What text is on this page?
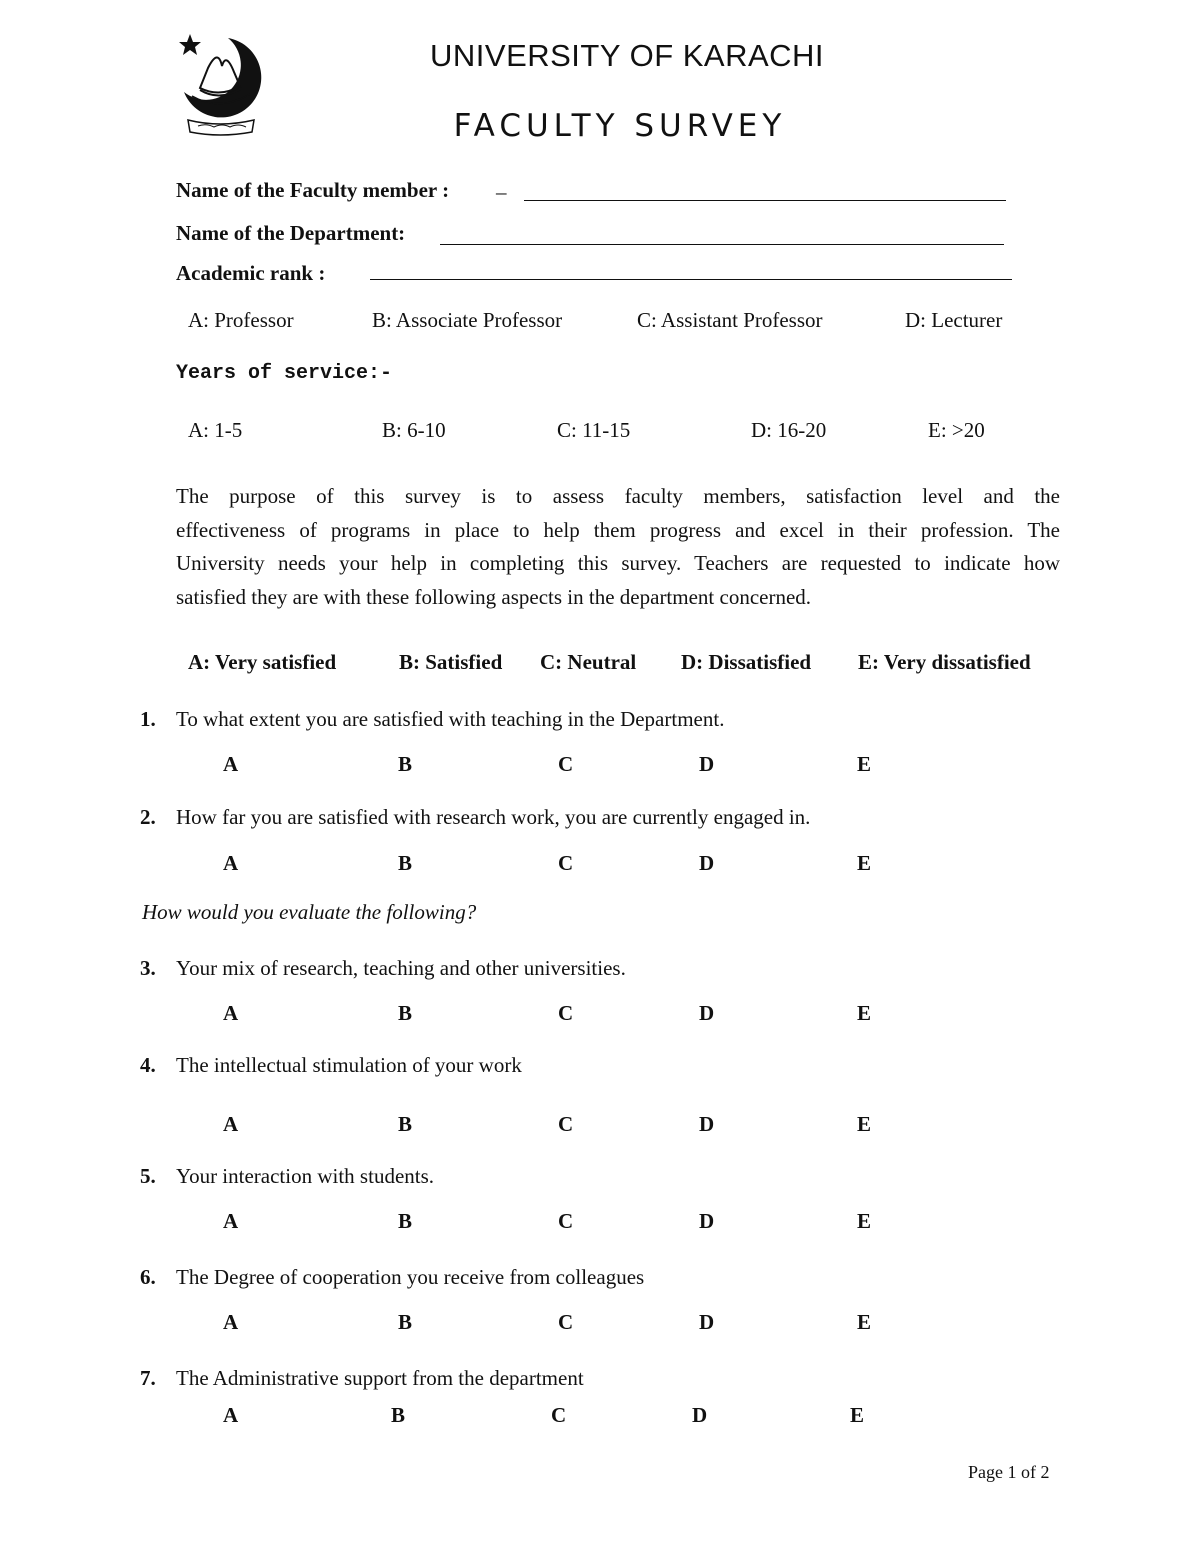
UNIVERSITY OF KARACHI
FACULTY SURVEY
Name of the Faculty member : –
Name of the Department:
Academic rank :
A: Professor	B: Associate Professor	C: Assistant Professor	D: Lecturer
Years of service:-
A: 1-5	B: 6-10	C: 11-15	D: 16-20	E: >20
The purpose of this survey is to assess faculty members, satisfaction level and the
effectiveness of programs in place to help them progress and excel in their profession. The
University needs your help in completing this survey. Teachers are requested to indicate how
satisfied they are with these following aspects in the department concerned.
A: Very satisfied	B: Satisfied C: Neutral D: Dissatisfied E: Very dissatisfied
1. To what extent you are satisfied with teaching in the Department.
A	B	C	D	E
2. How far you are satisfied with research work, you are currently engaged in.
A	B	C	D	E
How would you evaluate the following?
3. Your mix of research, teaching and other universities.
A	B	C	D	E
4. The intellectual stimulation of your work
A	B	C	D	E
5. Your interaction with students.
A	B	C	D	E
6. The Degree of cooperation you receive from colleagues
A	B	C	D	E
7. The Administrative support from the department
A	B	C	D	E
Page 1 of 2
